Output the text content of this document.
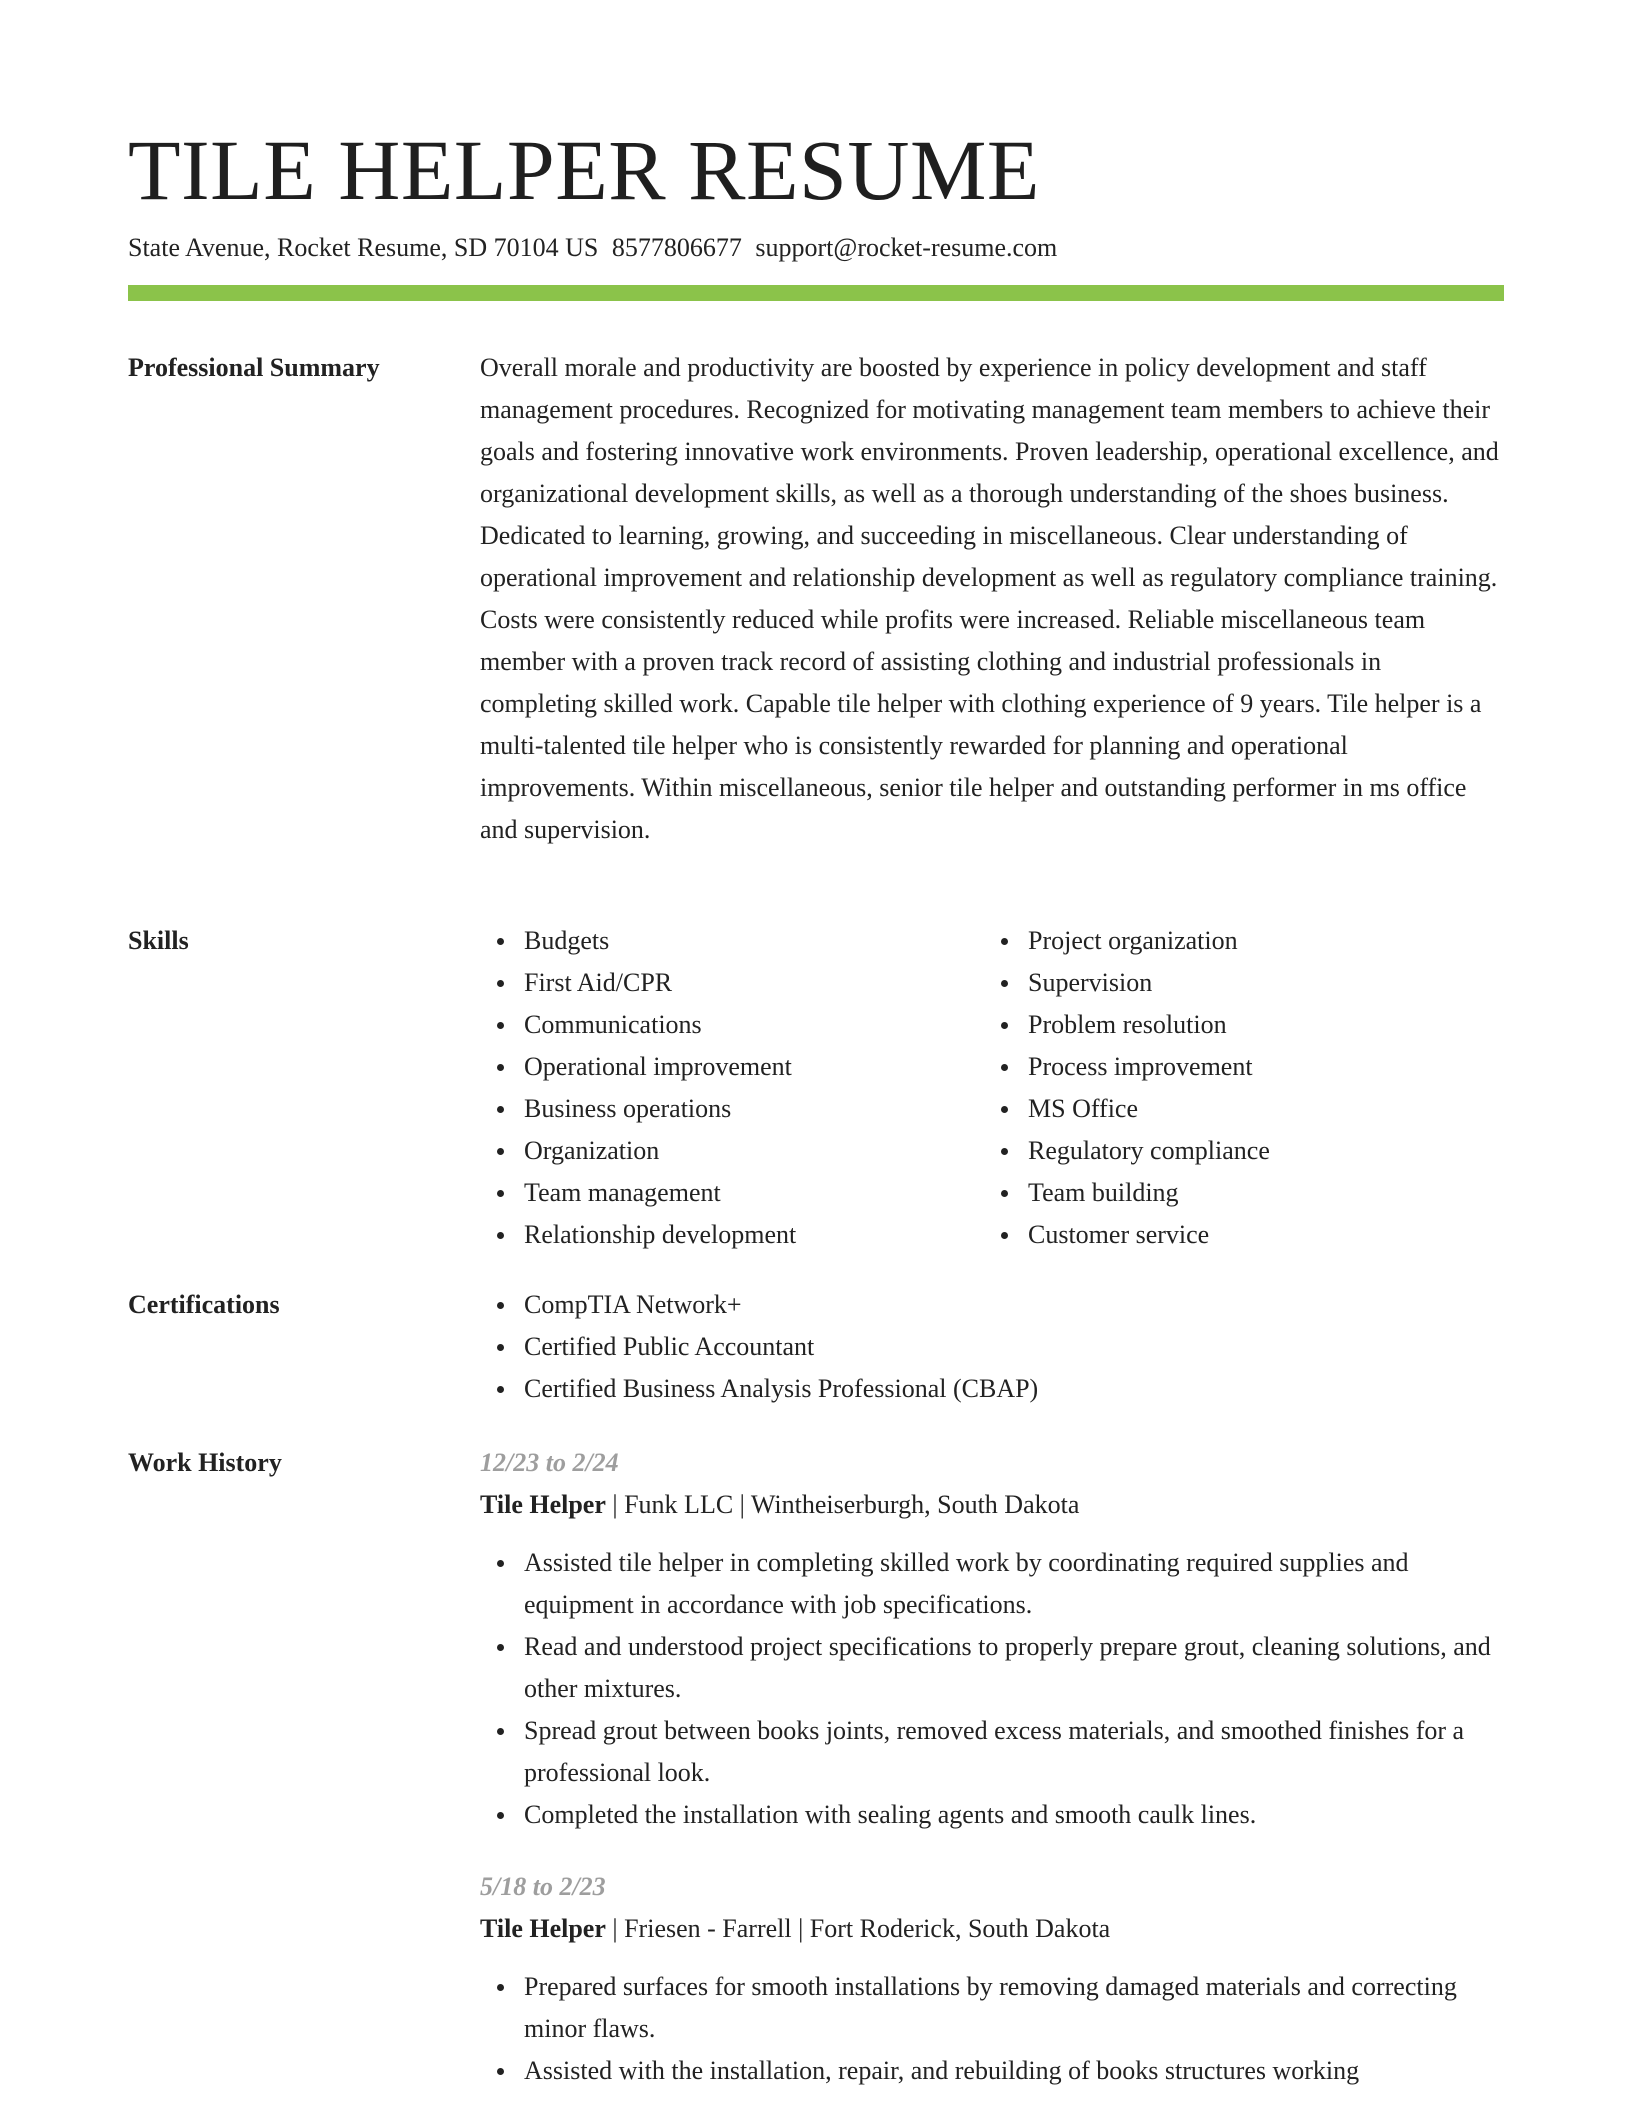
TILE HELPER RESUME
State Avenue, Rocket Resume, SD 70104 US 8577806677 support@rocket-resume.com
Professional Summary	Overall morale and productivity are boosted by experience in policy development and staff management procedures. Recognized for motivating management team members to achieve their goals and fostering innovative work environments. Proven leadership, operational excellence, and organizational development skills, as well as a thorough understanding of the shoes business. Dedicated to learning, growing, and succeeding in miscellaneous. Clear understanding of operational improvement and relationship development as well as regulatory compliance training. Costs were consistently reduced while profits were increased. Reliable miscellaneous team member with a proven track record of assisting clothing and industrial professionals in completing skilled work. Capable tile helper with clothing experience of 9 years. Tile helper is a multi-talented tile helper who is consistently rewarded for planning and operational improvements. Within miscellaneous, senior tile helper and outstanding performer in ms office and supervision.

Skills	Budgets
First Aid/CPR
Communications
Operational improvement
Business operations
Organization
Team management
Relationship development
Project organization
Supervision
Problem resolution
Process improvement
MS Office
Regulatory compliance
Team building
Customer service
Certifications	CompTIA Network+
Certified Public Accountant
Certified Business Analysis Professional (CBAP)
Work History	12/23 to 2/24

Tile Helper | Funk LLC | Wintheiserburgh, South Dakota

Assisted tile helper in completing skilled work by coordinating required supplies and equipment in accordance with job specifications.
Read and understood project specifications to properly prepare grout, cleaning solutions, and other mixtures.
Spread grout between books joints, removed excess materials, and smoothed finishes for a professional look.
Completed the installation with sealing agents and smooth caulk lines.

5/18 to 2/23

Tile Helper | Friesen - Farrell | Fort Roderick, South Dakota

Prepared surfaces for smooth installations by removing damaged materials and correcting minor flaws.
Assisted with the installation, repair, and rebuilding of books structures working
